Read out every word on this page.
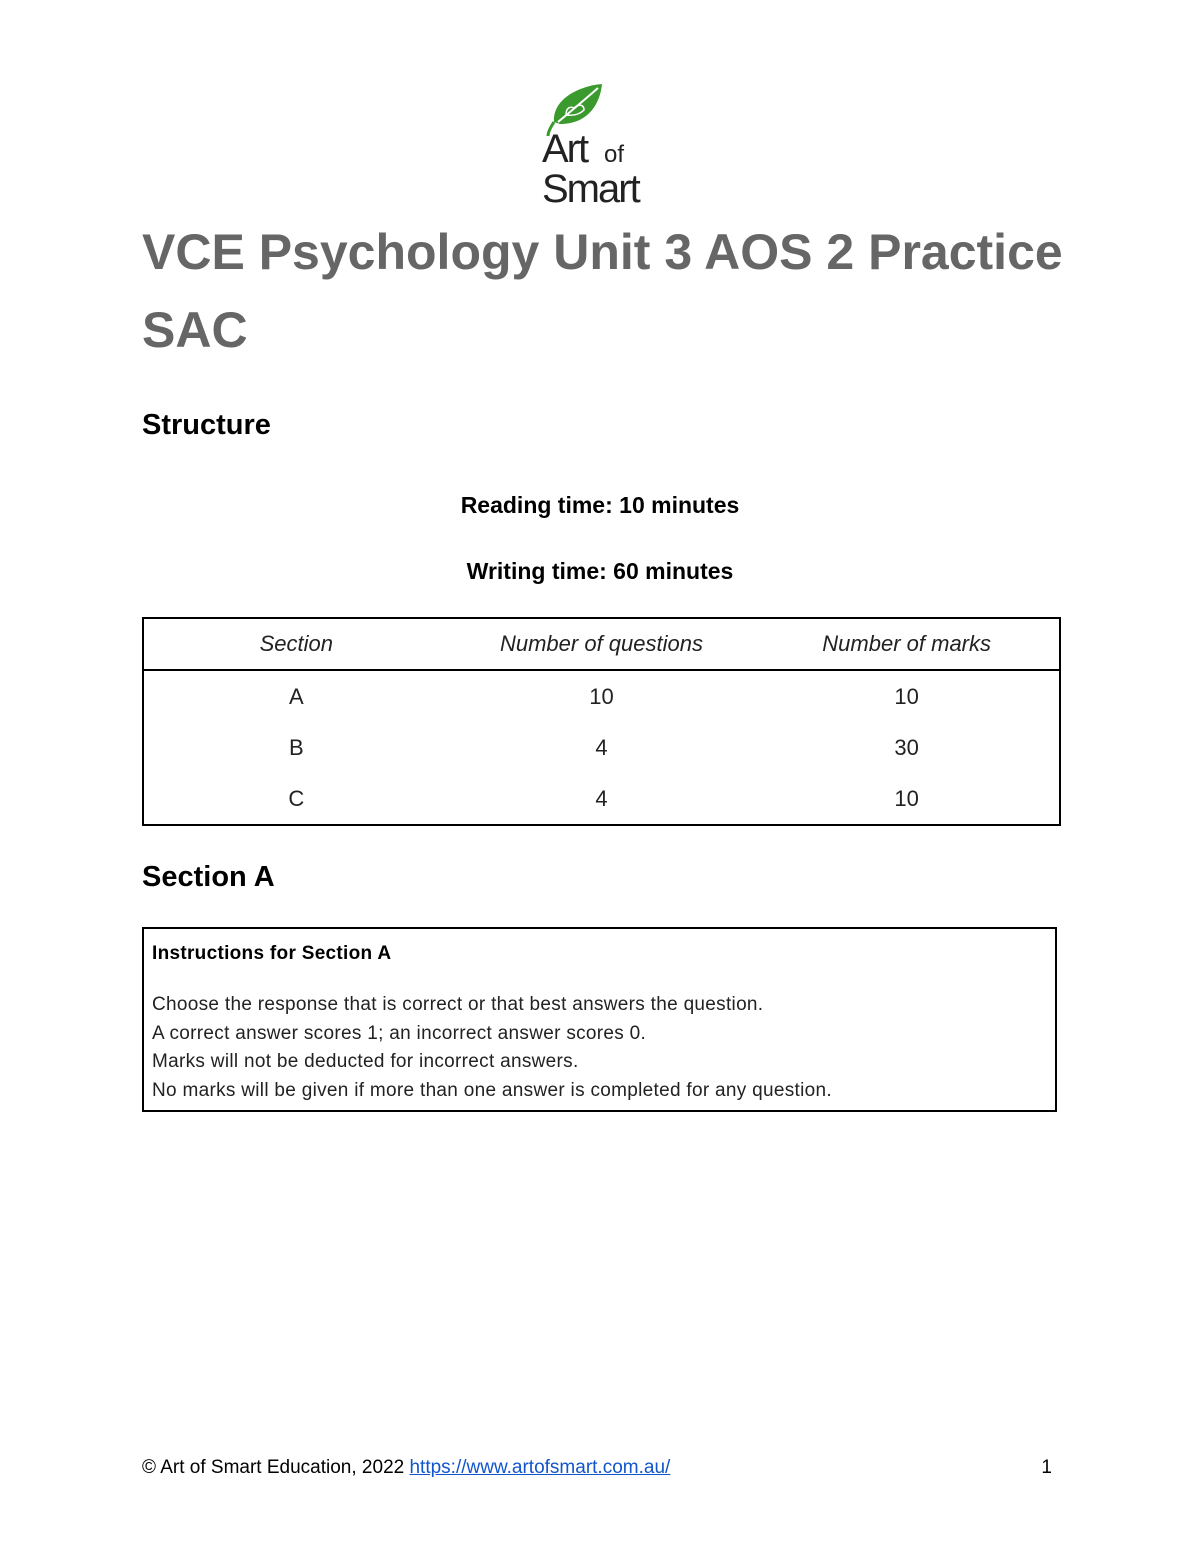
Art of
Smart
VCE Psychology Unit 3 AOS 2 Practice
SAC
Structure
Reading time: 10 minutes
Writing time: 60 minutes
Section	Number of questions	Number of marks
A	10	10
B	4	30
C	4	10
Section A
Instructions for Section A
Choose the response that is correct or that best answers the question.
A correct answer scores 1; an incorrect answer scores 0.
Marks will not be deducted for incorrect answers.
No marks will be given if more than one answer is completed for any question.
© Art of Smart Education, 2022 https://www.artofsmart.com.au/	1
